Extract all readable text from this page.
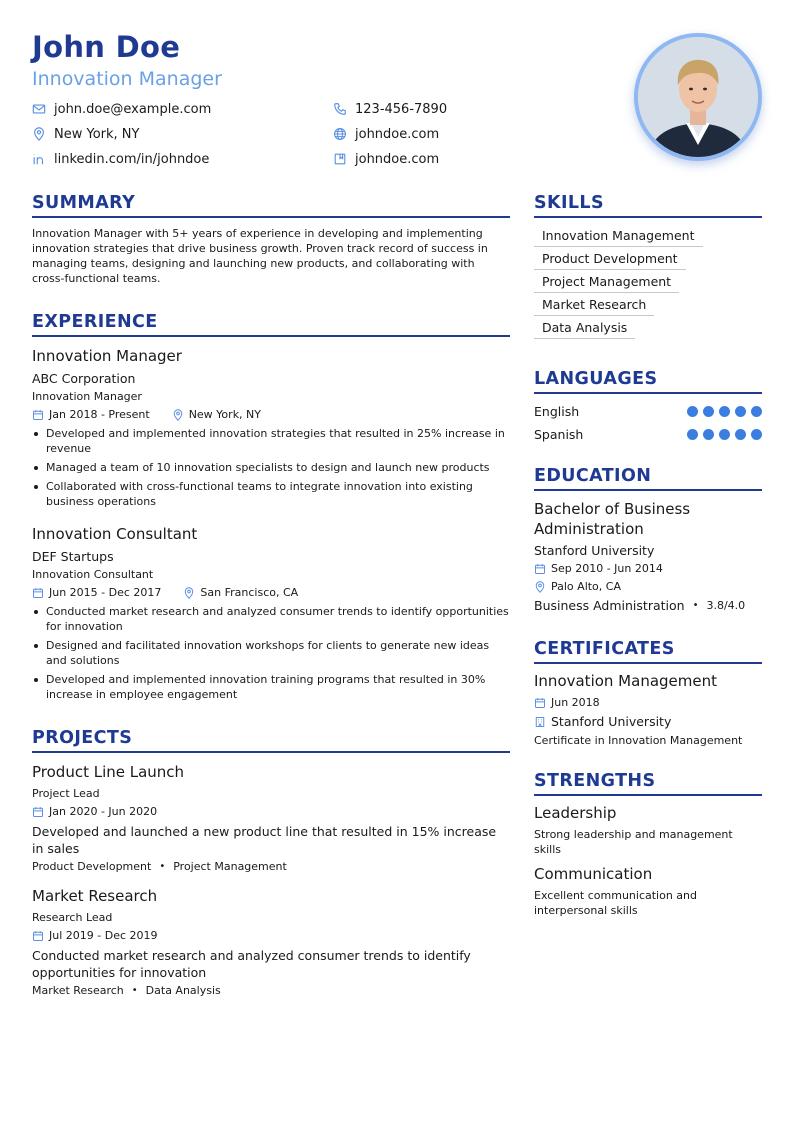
John Doe
Innovation Manager
john.doe@example.com	123-456-7890
New York, NY	johndoe.com
linkedin.com/in/johndoe	johndoe.com
SUMMARY
Innovation Manager with 5+ years of experience in developing and implementing innovation strategies that drive business growth. Proven track record of success in managing teams, designing and launching new products, and collaborating with cross-functional teams.
EXPERIENCE
Innovation Manager
ABC Corporation
Innovation Manager
Jan 2018 - Present	New York, NY
Developed and implemented innovation strategies that resulted in 25% increase in revenue
Managed a team of 10 innovation specialists to design and launch new products
Collaborated with cross-functional teams to integrate innovation into existing business operations
Innovation Consultant
DEF Startups
Innovation Consultant
Jun 2015 - Dec 2017	San Francisco, CA
Conducted market research and analyzed consumer trends to identify opportunities for innovation
Designed and facilitated innovation workshops for clients to generate new ideas and solutions
Developed and implemented innovation training programs that resulted in 30% increase in employee engagement
PROJECTS
Product Line Launch
Project Lead
Jan 2020 - Jun 2020
Developed and launched a new product line that resulted in 15% increase in sales
Product Development • Project Management
Market Research
Research Lead
Jul 2019 - Dec 2019
Conducted market research and analyzed consumer trends to identify opportunities for innovation
Market Research • Data Analysis
SKILLS
Innovation Management
Product Development
Project Management
Market Research
Data Analysis
LANGUAGES
English
Spanish
EDUCATION
Bachelor of Business Administration
Stanford University
Sep 2010 - Jun 2014
Palo Alto, CA
Business Administration • 3.8/4.0
CERTIFICATES
Innovation Management
Jun 2018
Stanford University
Certificate in Innovation Management
STRENGTHS
Leadership
Strong leadership and management skills
Communication
Excellent communication and interpersonal skills
